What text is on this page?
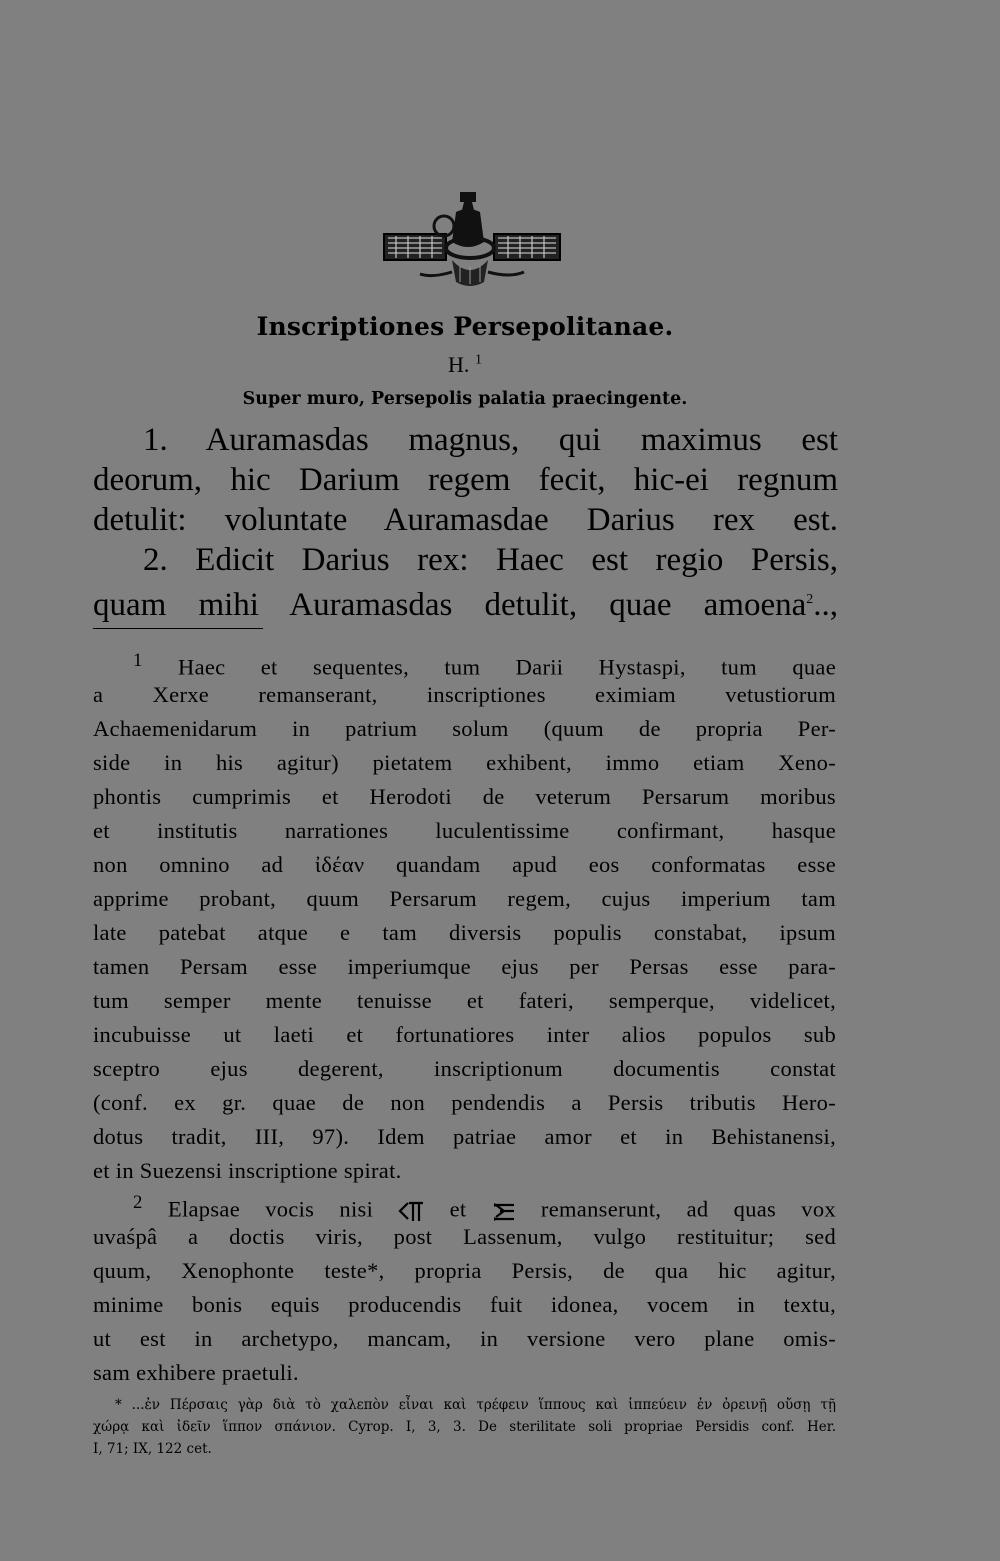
Inscriptiones Persepolitanae.
H. $^1$
Super muro, Persepolis palatia praecingente.
1. Auramasdas magnus, qui maximus est
deorum, hic Darium regem fecit, hic-ei regnum
detulit: voluntate Auramasdae Darius rex est.
2. Edicit Darius rex: Haec est regio Persis,
quam mihi Auramasdas detulit, quae amoena$^2$..,
$^1$ Haec et sequentes, tum Darii Hystaspi, tum quae
a Xerxe remanserant, inscriptiones eximiam vetustiorum
Achaemenidarum in patrium solum (quum de propria Per-
side in his agitur) pietatem exhibent, immo etiam Xeno-
phontis cumprimis et Herodoti de veterum Persarum moribus
et institutis narrationes luculentissime confirmant, hasque
non omnino ad ἰδέαν quandam apud eos conformatas esse
apprime probant, quum Persarum regem, cujus imperium tam
late patebat atque e tam diversis populis constabat, ipsum
tamen Persam esse imperiumque ejus per Persas esse para-
tum semper mente tenuisse et fateri, semperque, videlicet,
incubuisse ut laeti et fortunatiores inter alios populos sub
sceptro ejus degerent, inscriptionum documentis constat
(conf. ex gr. quae de non pendendis a Persis tributis Hero-
dotus tradit, III, 97). Idem patriae amor et in Behistanensi,
et in Suezensi inscriptione spirat.
$^2$ Elapsae vocis nisi	et	remanserunt, ad quas vox
uvaśpâ a doctis viris, post Lassenum, vulgo restituitur; sed
quum, Xenophonte teste*, propria Persis, de qua hic agitur,
minime bonis equis producendis fuit idonea, vocem in textu,
ut est in archetypo, mancam, in versione vero plane omis-
sam exhibere praetuli.
* ...ἐν Πέρσαις γὰρ διὰ τὸ χαλεπὸν εἶναι καὶ τρέφειν ἵππους καὶ ἱππεύειν ἐν ὀρεινῇ οὔσῃ τῇ
χώρᾳ καὶ ἰδεῖν ἵππον σπάνιον. Cyrop. I, 3, 3. De sterilitate soli propriae Persidis conf. Her.
I, 71; IX, 122 cet.
